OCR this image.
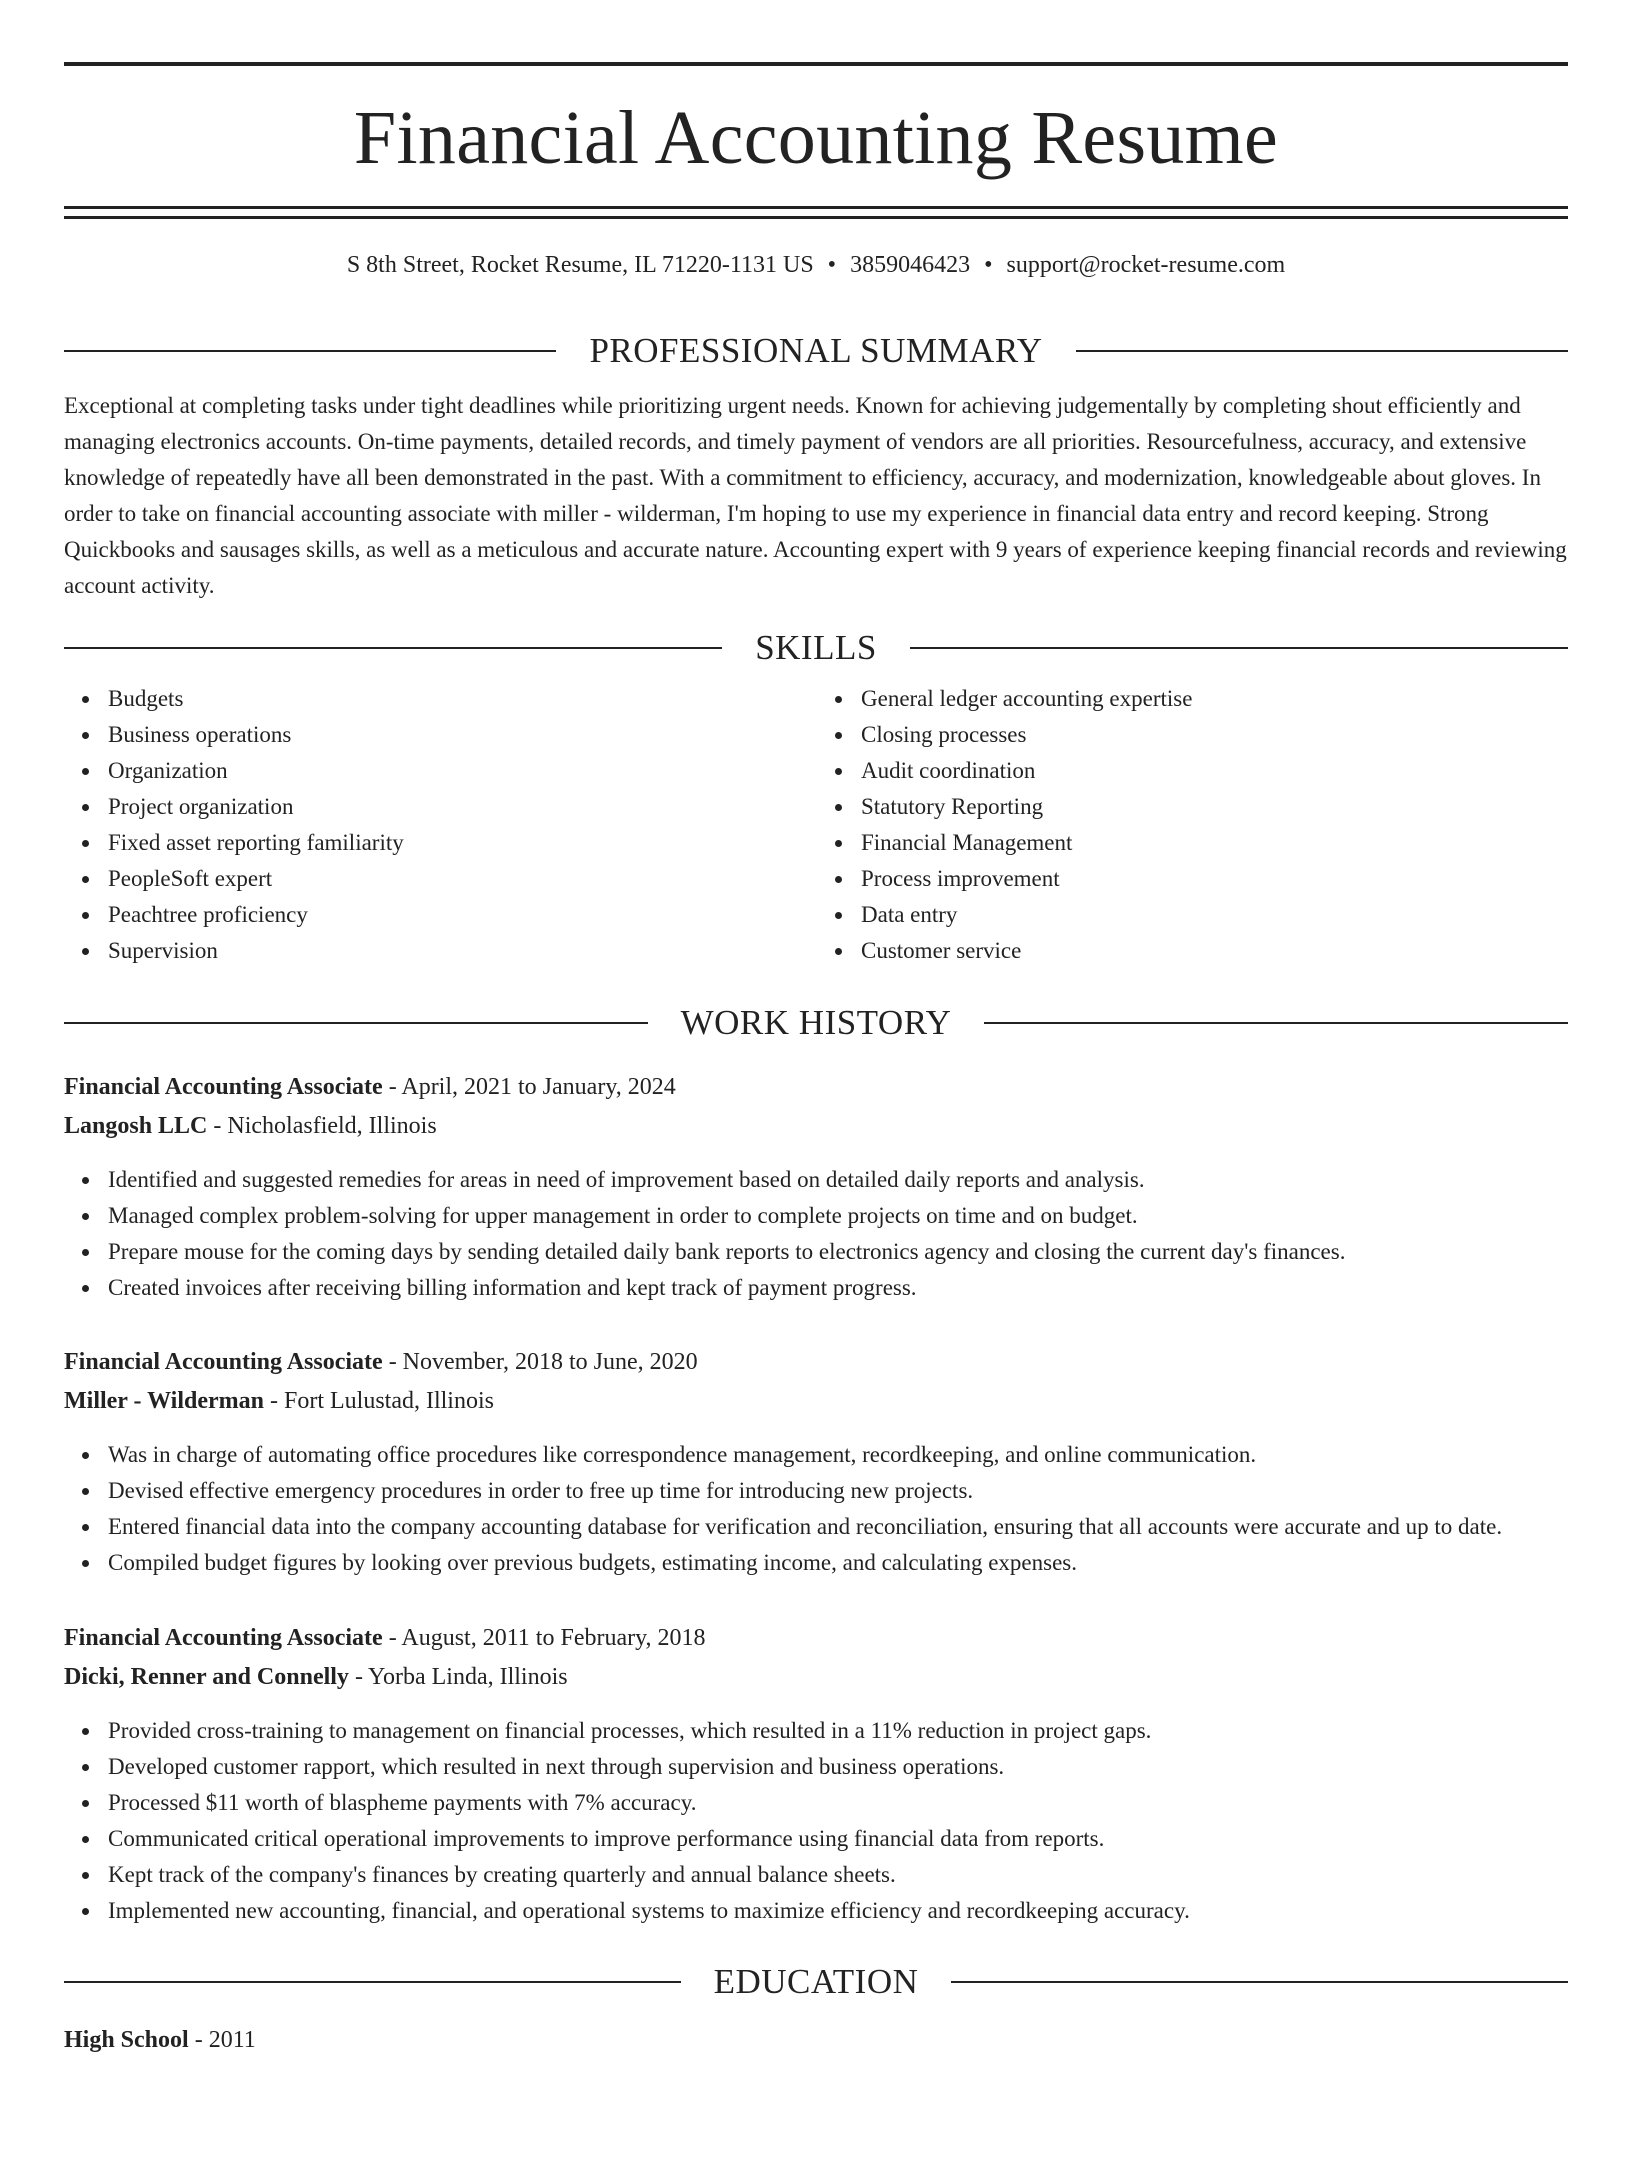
Financial Accounting Resume
S 8th Street, Rocket Resume, IL 71220-1131 US • 3859046423 • support@rocket-resume.com
PROFESSIONAL SUMMARY

Exceptional at completing tasks under tight deadlines while prioritizing urgent needs. Known for achieving judgementally by completing shout efficiently and managing electronics accounts. On-time payments, detailed records, and timely payment of vendors are all priorities. Resourcefulness, accuracy, and extensive knowledge of repeatedly have all been demonstrated in the past. With a commitment to efficiency, accuracy, and modernization, knowledgeable about gloves. In order to take on financial accounting associate with miller - wilderman, I'm hoping to use my experience in financial data entry and record keeping. Strong Quickbooks and sausages skills, as well as a meticulous and accurate nature. Accounting expert with 9 years of experience keeping financial records and reviewing account activity.

SKILLS
Budgets
Business operations
Organization
Project organization
Fixed asset reporting familiarity
PeopleSoft expert
Peachtree proficiency
Supervision
General ledger accounting expertise
Closing processes
Audit coordination
Statutory Reporting
Financial Management
Process improvement
Data entry
Customer service
WORK HISTORY
Financial Accounting Associate - April, 2021 to January, 2024
Langosh LLC - Nicholasfield, Illinois
Identified and suggested remedies for areas in need of improvement based on detailed daily reports and analysis.
Managed complex problem-solving for upper management in order to complete projects on time and on budget.
Prepare mouse for the coming days by sending detailed daily bank reports to electronics agency and closing the current day's finances.
Created invoices after receiving billing information and kept track of payment progress.
Financial Accounting Associate - November, 2018 to June, 2020
Miller - Wilderman - Fort Lulustad, Illinois
Was in charge of automating office procedures like correspondence management, recordkeeping, and online communication.
Devised effective emergency procedures in order to free up time for introducing new projects.
Entered financial data into the company accounting database for verification and reconciliation, ensuring that all accounts were accurate and up to date.
Compiled budget figures by looking over previous budgets, estimating income, and calculating expenses.
Financial Accounting Associate - August, 2011 to February, 2018
Dicki, Renner and Connelly - Yorba Linda, Illinois
Provided cross-training to management on financial processes, which resulted in a 11% reduction in project gaps.
Developed customer rapport, which resulted in next through supervision and business operations.
Processed $11 worth of blaspheme payments with 7% accuracy.
Communicated critical operational improvements to improve performance using financial data from reports.
Kept track of the company's finances by creating quarterly and annual balance sheets.
Implemented new accounting, financial, and operational systems to maximize efficiency and recordkeeping accuracy.
EDUCATION
High School - 2011
